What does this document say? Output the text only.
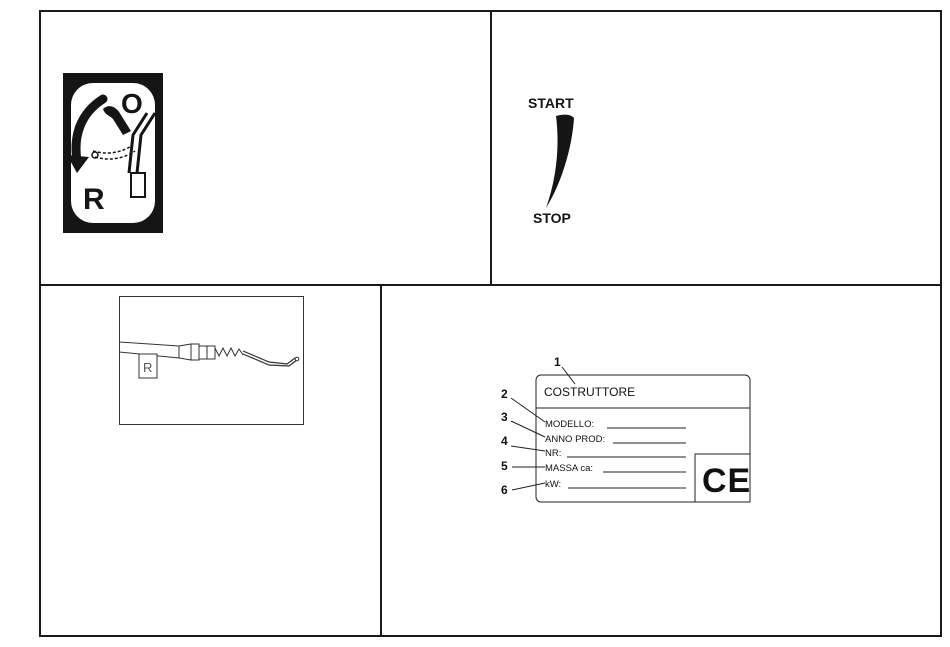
O
R
START
STOP
R
COSTRUTTORE
MODELLO:
ANNO PROD:
NR:
MASSA ca:
kW:	CE
1
2
3
4
5
6
